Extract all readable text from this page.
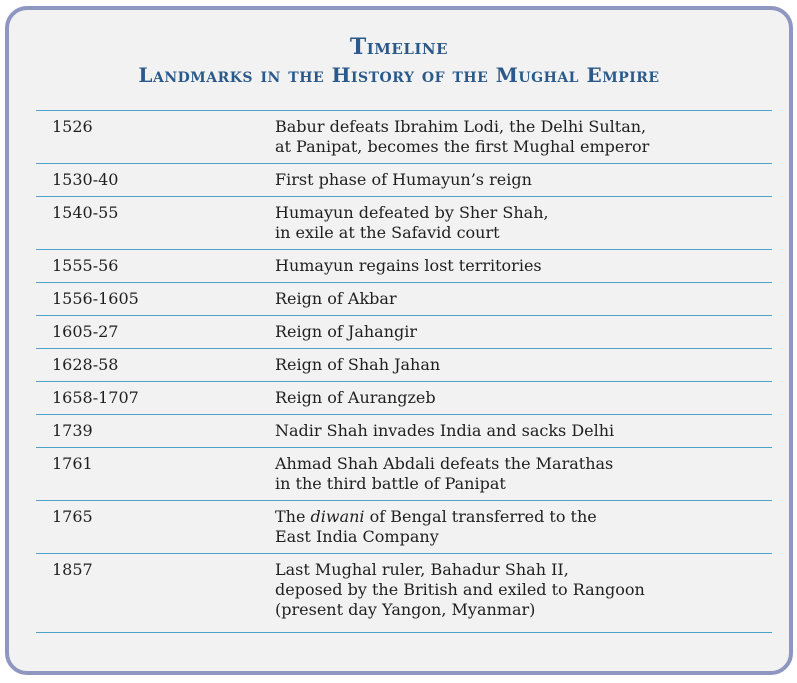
Timeline
Landmarks in the History of the Mughal Empire
1526	Babur defeats Ibrahim Lodi, the Delhi Sultan,
at Panipat, becomes the first Mughal emperor

1530-40	First phase of Humayun’s reign

1540-55	Humayun defeated by Sher Shah,
in exile at the Safavid court

1555-56	Humayun regains lost territories

1556-1605	Reign of Akbar

1605-27	Reign of Jahangir

1628-58	Reign of Shah Jahan

1658-1707	Reign of Aurangzeb

1739	Nadir Shah invades India and sacks Delhi

1761	Ahmad Shah Abdali defeats the Marathas
in the third battle of Panipat

1765	The diwani of Bengal transferred to the
East India Company

1857	Last Mughal ruler, Bahadur Shah II,
deposed by the British and exiled to Rangoon
(present day Yangon, Myanmar)
